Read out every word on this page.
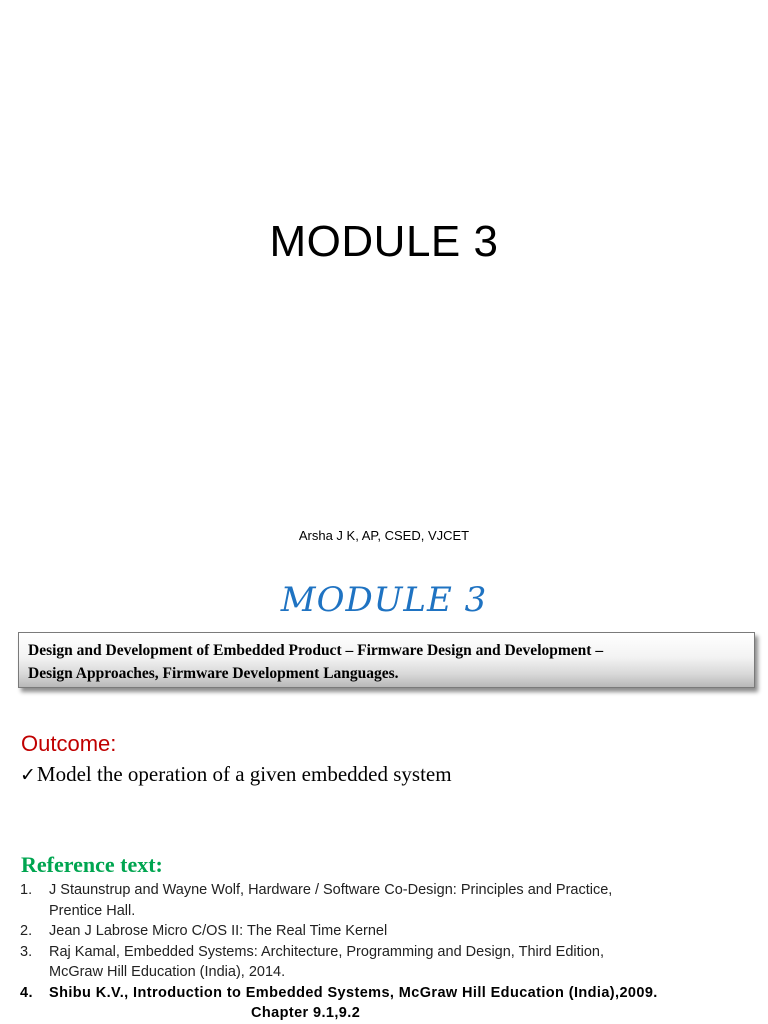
MODULE 3
Arsha J K, AP, CSED, VJCET
MODULE 3
Design and Development of Embedded Product – Firmware Design and Development –
Design Approaches, Firmware Development Languages.
Outcome:
✓Model the operation of a given embedded system
Reference text:
1.	J Staunstrup and Wayne Wolf, Hardware / Software Co-Design: Principles and Practice,
Prentice Hall.
2.	Jean J Labrose Micro C/OS II: The Real Time Kernel
3.	Raj Kamal, Embedded Systems: Architecture, Programming and Design, Third Edition,
McGraw Hill Education (India), 2014.
4.	Shibu K.V., Introduction to Embedded Systems, McGraw Hill Education (India),2009.
Chapter 9.1,9.2
